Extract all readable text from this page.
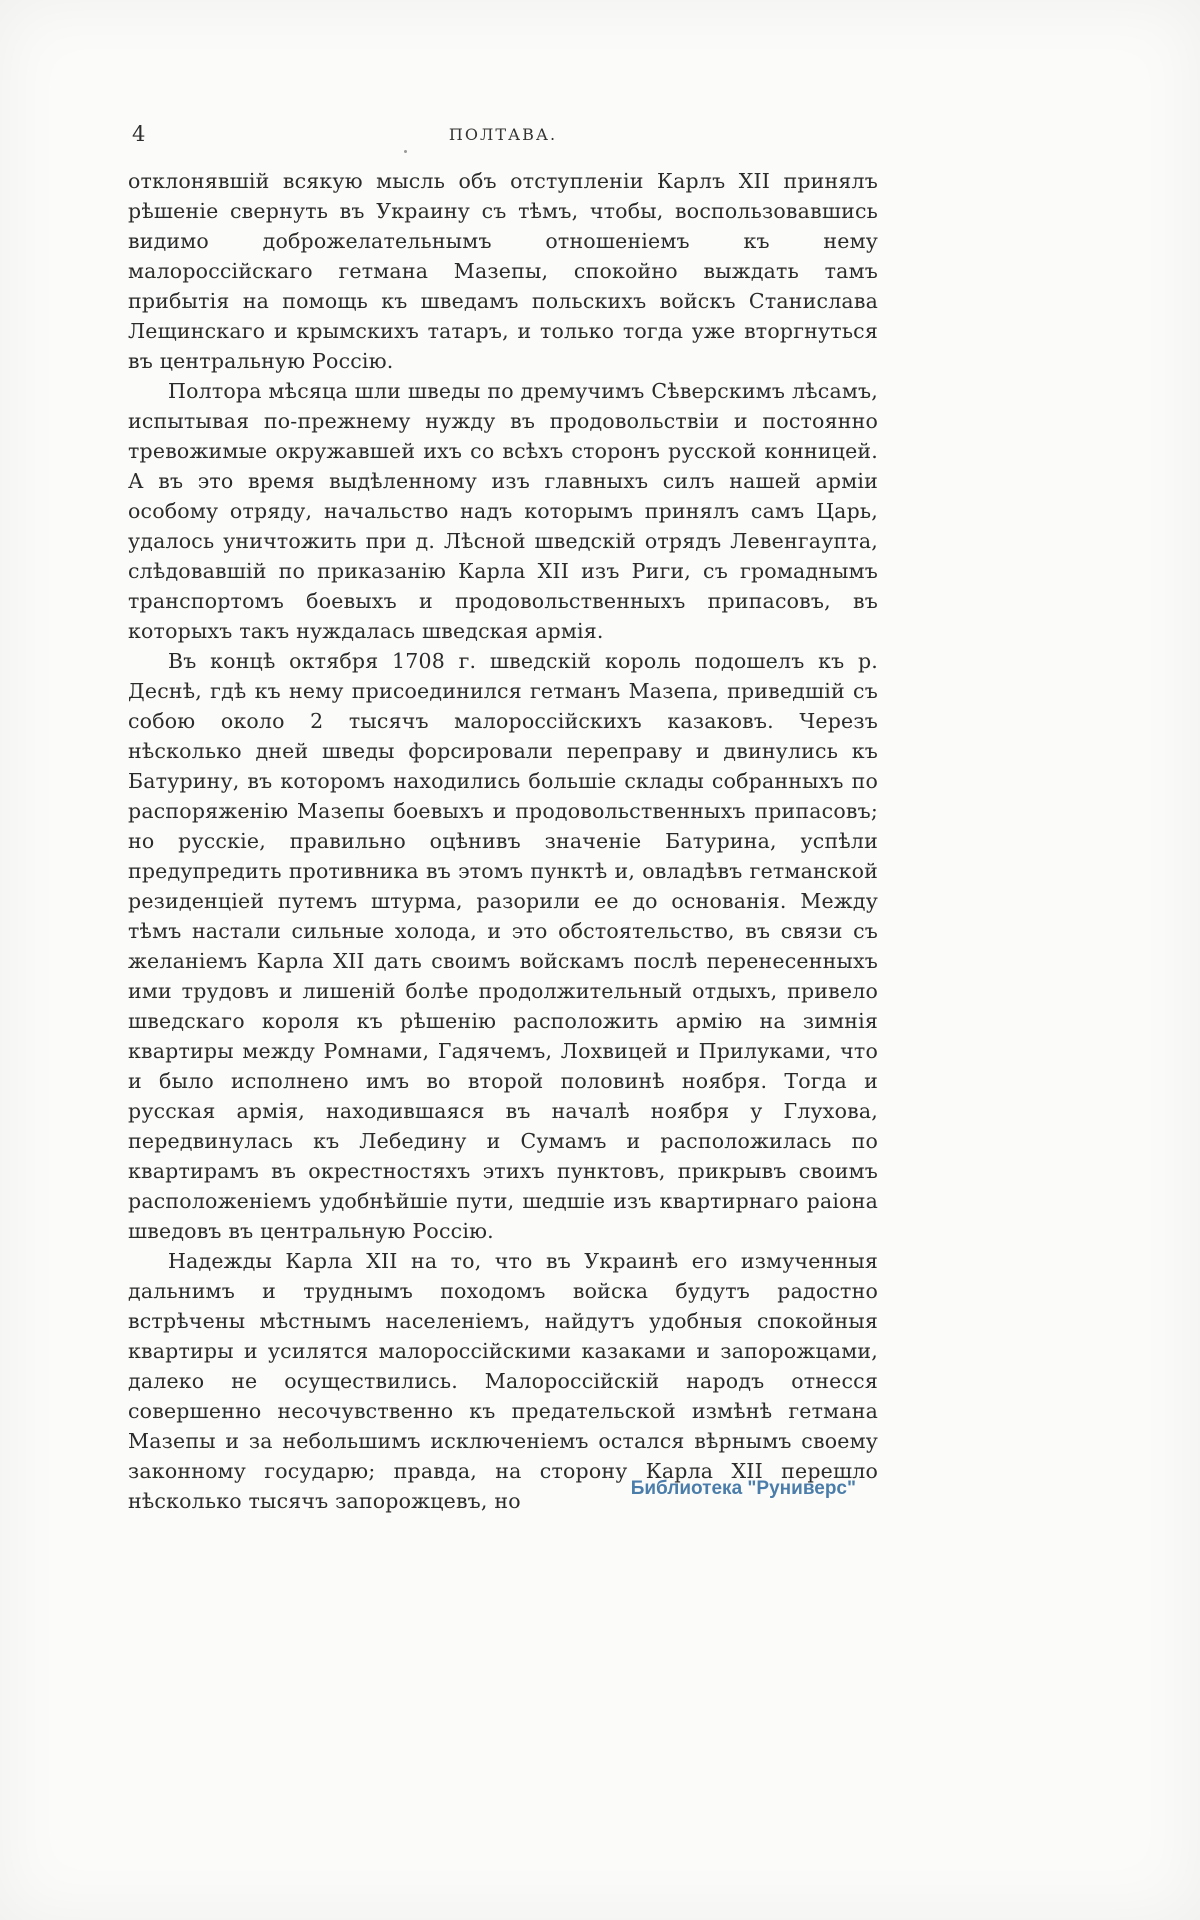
4	ПОЛТАВА.

отклонявшій всякую мысль объ отступленіи Карлъ XII принялъ рѣшеніе свернуть въ Украину съ тѣмъ, чтобы, воспользовавшись видимо доброжелательнымъ отношеніемъ къ нему малороссійскаго гетмана Мазепы, спокойно выждать тамъ прибытія на помощь къ шведамъ польскихъ войскъ Станислава Лещинскаго и крымскихъ татаръ, и только тогда уже вторгнуться въ центральную Россію.

Полтора мѣсяца шли шведы по дремучимъ Сѣверскимъ лѣсамъ, испытывая по-прежнему нужду въ продовольствіи и постоянно тревожимые окружавшей ихъ со всѣхъ сторонъ русской конницей. А въ это время выдѣленному изъ главныхъ силъ нашей арміи особому отряду, начальство надъ которымъ принялъ самъ Царь, удалось уничтожить при д. Лѣсной шведскій отрядъ Левенгаупта, слѣдовавшій по приказанію Карла XII изъ Риги, съ громаднымъ транспортомъ боевыхъ и продовольственныхъ припасовъ, въ которыхъ такъ нуждалась шведская армія.

Въ концѣ октября 1708 г. шведскій король подошелъ къ р. Деснѣ, гдѣ къ нему присоединился гетманъ Мазепа, приведшій съ собою около 2 тысячъ малороссійскихъ казаковъ. Черезъ нѣсколько дней шведы форсировали переправу и двинулись къ Батурину, въ которомъ находились большіе склады собранныхъ по распоряженію Мазепы боевыхъ и продовольственныхъ припасовъ; но русскіе, правильно оцѣнивъ значеніе Батурина, успѣли предупредить противника въ этомъ пунктѣ и, овладѣвъ гетманской резиденціей путемъ штурма, разорили ее до основанія. Между тѣмъ настали сильные холода, и это обстоятельство, въ связи съ желаніемъ Карла XII дать своимъ войскамъ послѣ перенесенныхъ ими трудовъ и лишеній болѣе продолжительный отдыхъ, привело шведскаго короля къ рѣшенію расположить армію на зимнія квартиры между Ромнами, Гадячемъ, Лохвицей и Прилуками, что и было исполнено имъ во второй половинѣ ноября. Тогда и русская армія, находившаяся въ началѣ ноября у Глухова, передвинулась къ Лебедину и Сумамъ и расположилась по квартирамъ въ окрестностяхъ этихъ пунктовъ, прикрывъ своимъ расположеніемъ удобнѣйшіе пути, шедшіе изъ квартирнаго раіона шведовъ въ центральную Россію.

Надежды Карла XII на то, что въ Украинѣ его измученныя дальнимъ и труднымъ походомъ войска будутъ радостно встрѣчены мѣстнымъ населеніемъ, найдутъ удобныя спокойныя квартиры и усилятся малороссійскими казаками и запорожцами, далеко не осуществились. Малороссійскій народъ отнесся совершенно несочувственно къ предательской измѣнѣ гетмана Мазепы и за небольшимъ исключеніемъ остался вѣрнымъ своему законному государю; правда, на сторону Карла XII перешло нѣсколько тысячъ запорожцевъ, но

Библиотека "Руниверс"
